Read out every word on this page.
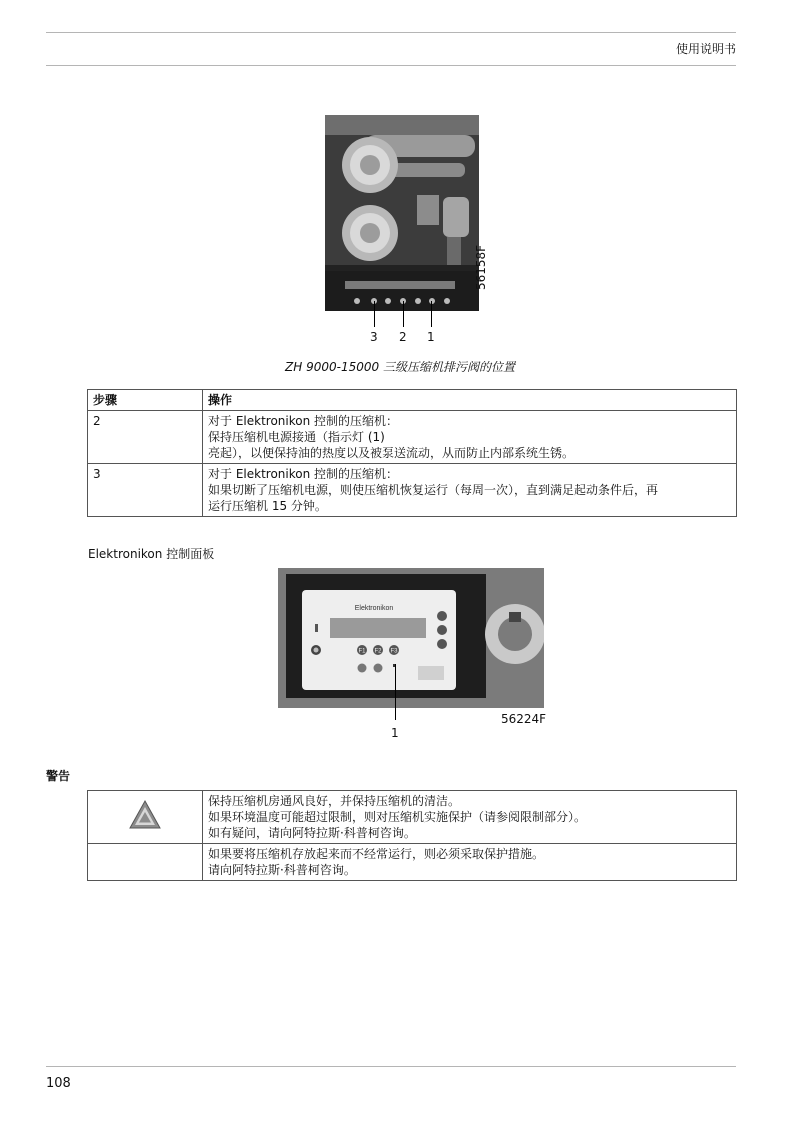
使用说明书
56158F
3 2 1
ZH 9000-15000 三级压缩机排污阀的位置
步骤	操作
2	对于 Elektronikon 控制的压缩机：
保持压缩机电源接通（指示灯 (1)
亮起），以便保持油的热度以及被泵送流动，从而防止内部系统生锈。

3	对于 Elektronikon 控制的压缩机：
如果切断了压缩机电源，则使压缩机恢复运行（每周一次），直到满足起动条件后，再
运行压缩机 15 分钟。
Elektronikon 控制面板
Elektronikon
F1 F2 F3
1
56224F
警告

保持压缩机房通风良好，并保持压缩机的清洁。
如果环境温度可能超过限制，则对压缩机实施保护（请参阅限制部分）。
如有疑问，请向阿特拉斯·科普柯咨询。

	如果要将压缩机存放起来而不经常运行，则必须采取保护措施。
请向阿特拉斯·科普柯咨询。
108
